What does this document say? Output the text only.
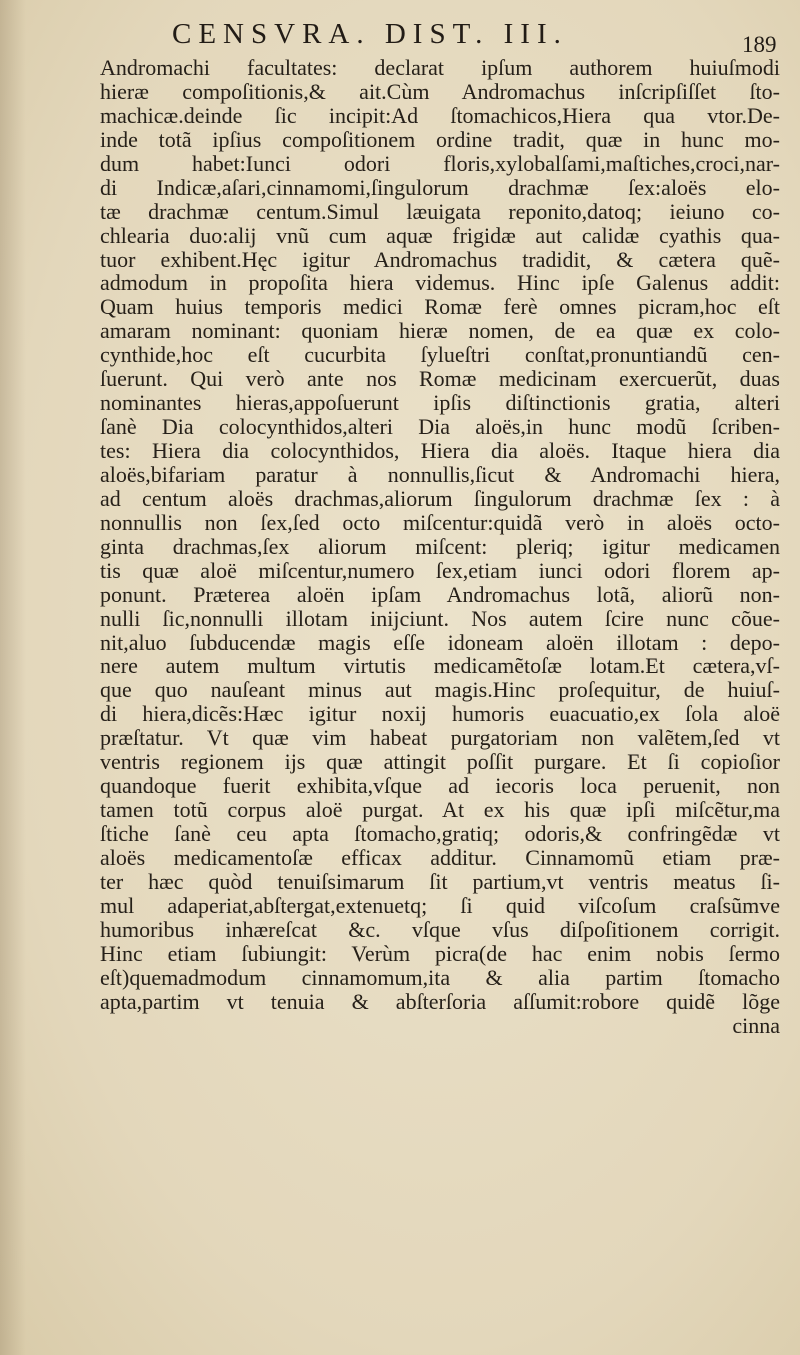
CENSVRA. DIST. III.	189
Andromachi facultates: declarat ipſum authorem huiuſmodi
hieræ compoſitionis,& ait.Cùm Andromachus inſcripſiſſet ſto-
machicæ.deinde ſic incipit:Ad ſtomachicos,Hiera qua vtor.De-
inde totã ipſius compoſitionem ordine tradit, quæ in hunc mo-
dum habet:Iunci odori floris,xylobalſami,maſtiches,croci,nar-
di Indicæ,aſari,cinnamomi,ſingulorum drachmæ ſex:aloës elo-
tæ drachmæ centum.Simul læuigata reponito,datoq; ieiuno co-
chlearia duo:alij vnũ cum aquæ frigidæ aut calidæ cyathis qua-
tuor exhibent.Hęc igitur Andromachus tradidit, & cætera quẽ-
admodum in propoſita hiera videmus. Hinc ipſe Galenus addit:
Quam huius temporis medici Romæ ferè omnes picram,hoc eſt
amaram nominant: quoniam hieræ nomen, de ea quæ ex colo-
cynthide,hoc eſt cucurbita ſylueſtri conſtat,pronuntiandũ cen-
ſuerunt. Qui verò ante nos Romæ medicinam exercuerũt, duas
nominantes hieras,appoſuerunt ipſis diſtinctionis gratia, alteri
ſanè Dia colocynthidos,alteri Dia aloës,in hunc modũ ſcriben-
tes: Hiera dia colocynthidos, Hiera dia aloës. Itaque hiera dia
aloës,bifariam paratur à nonnullis,ſicut & Andromachi hiera,
ad centum aloës drachmas,aliorum ſingulorum drachmæ ſex : à
nonnullis non ſex,ſed octo miſcentur:quidã verò in aloës octo-
ginta drachmas,ſex aliorum miſcent: pleriq; igitur medicamen
tis quæ aloë miſcentur,numero ſex,etiam iunci odori florem ap-
ponunt. Præterea aloën ipſam Andromachus lotã, aliorũ non-
nulli ſic,nonnulli illotam inijciunt. Nos autem ſcire nunc cõue-
nit,aluo ſubducendæ magis eſſe idoneam aloën illotam : depo-
nere autem multum virtutis medicamẽtoſæ lotam.Et cætera,vſ-
que quo nauſeant minus aut magis.Hinc proſequitur, de huiuſ-
di hiera,dicẽs:Hæc igitur noxij humoris euacuatio,ex ſola aloë
præſtatur. Vt quæ vim habeat purgatoriam non valẽtem,ſed vt
ventris regionem ijs quæ attingit poſſit purgare. Et ſi copioſior
quandoque fuerit exhibita,vſque ad iecoris loca peruenit, non
tamen totũ corpus aloë purgat. At ex his quæ ipſi miſcẽtur,ma
ſtiche ſanè ceu apta ſtomacho,gratiq; odoris,& confringẽdæ vt
aloës medicamentoſæ efficax additur. Cinnamomũ etiam præ-
ter hæc quòd tenuiſsimarum ſit partium,vt ventris meatus ſi-
mul adaperiat,abſtergat,extenuetq; ſi quid viſcoſum craſsũmve
humoribus inhæreſcat &c. vſque vſus diſpoſitionem corrigit.
Hinc etiam ſubiungit: Verùm picra(de hac enim nobis ſermo
eſt)quemadmodum cinnamomum,ita & alia partim ſtomacho
apta,partim vt tenuia & abſterſoria aſſumit:robore quidẽ lõge
cinna
